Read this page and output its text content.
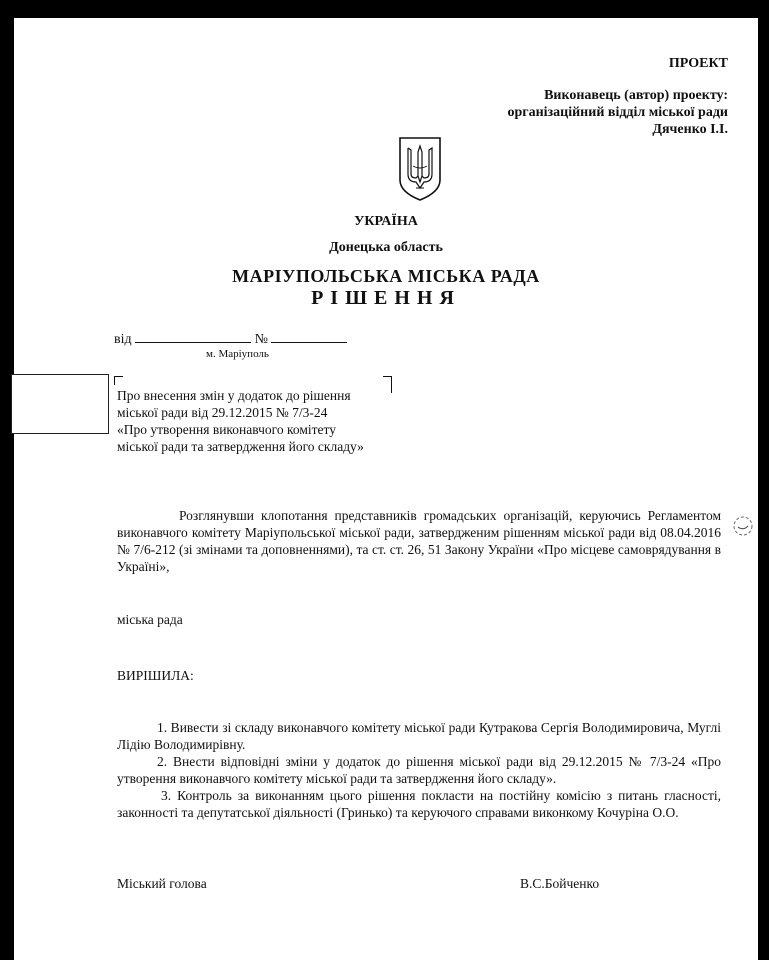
ПРОЕКТ
Виконавець (автор) проекту:
організаційний відділ міської ради
Дяченко І.І.
УКРАЇНА
Донецька область
МАРІУПОЛЬСЬКА МІСЬКА РАДА
РІШЕННЯ
від	№
м. Маріуполь
Про внесення змін у додаток до рішення
міської ради від 29.12.2015 № 7/3-24
«Про утворення виконавчого комітету
міської ради та затвердження його складу»
Розглянувши клопотання представників громадських організацій, керуючись Регламентом виконавчого комітету Маріупольської міської ради, затвердженим рішенням міської ради від 08.04.2016 № 7/6-212 (зі змінами та доповненнями), та ст. ст. 26, 51 Закону України «Про місцеве самоврядування в Україні»,
міська рада
ВИРІШИЛА:

1. Вивести зі складу виконавчого комітету міської ради Кутракова Сергія Володимировича, Муглі Лідію Володимирівну.

2. Внести відповідні зміни у додаток до рішення міської ради від 29.12.2015 № 7/3-24 «Про утворення виконавчого комітету міської ради та затвердження його складу».

3. Контроль за виконанням цього рішення покласти на постійну комісію з питань гласності, законності та депутатської діяльності (Гринько) та керуючого справами виконкому Кочуріна О.О.

Міський голова	В.С.Бойченко
